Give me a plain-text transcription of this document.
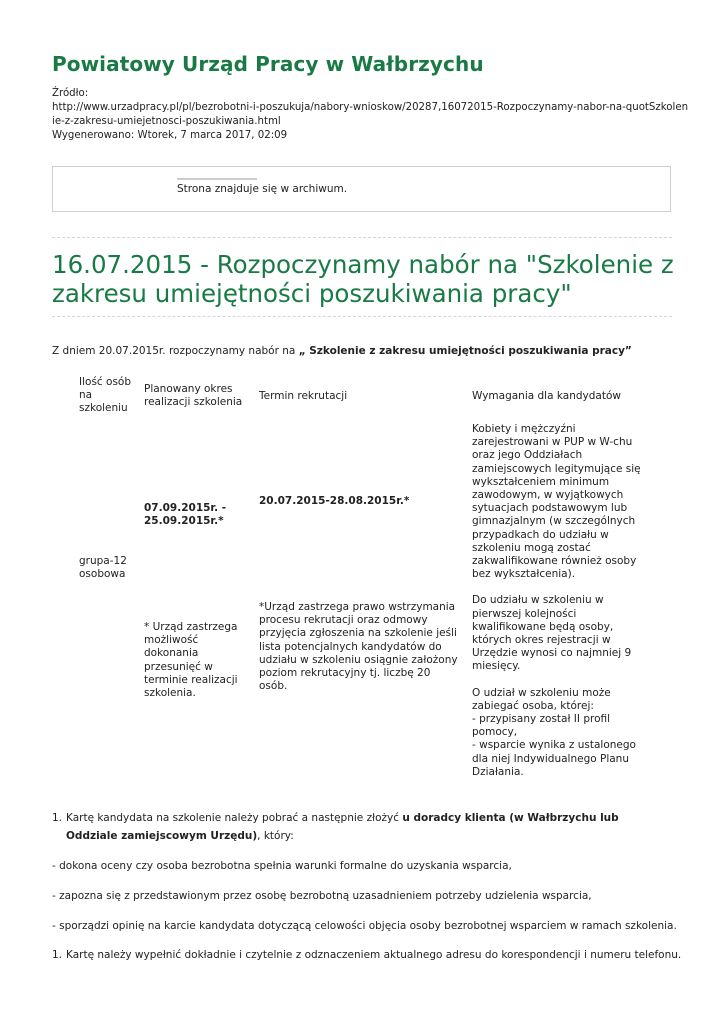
Powiatowy Urząd Pracy w Wałbrzychu
Źródło:
http://www.urzadpracy.pl/pl/bezrobotni-i-poszukuja/nabory-wnioskow/20287,16072015-Rozpoczynamy-nabor-na-quotSzkolen
ie-z-zakresu-umiejetnosci-poszukiwania.html
Wygenerowano: Wtorek, 7 marca 2017, 02:09
Strona znajduje się w archiwum.
16.07.2015 - Rozpoczynamy nabór na "Szkolenie z zakresu umiejętności poszukiwania pracy"
Z dniem 20.07.2015r. rozpoczynamy nabór na „ Szkolenie z zakresu umiejętności poszukiwania pracy”
Ilość osób na szkoleniu
Planowany okres realizacji szkolenia
Termin rekrutacji	Wymagania dla kandydatów
grupa-12 osobowa
07.09.2015r. - 25.09.2015r.*
* Urząd zastrzega możliwość dokonania przesunięć w terminie realizacji szkolenia.
20.07.2015-28.08.2015r.*
*Urząd zastrzega prawo wstrzymania procesu rekrutacji oraz odmowy przyjęcia zgłoszenia na szkolenie jeśli lista potencjalnych kandydatów do udziału w szkoleniu osiągnie założony poziom rekrutacyjny tj. liczbę 20 osób.

Kobiety i mężczyźni zarejestrowani w PUP w W-chu oraz jego Oddziałach zamiejscowych legitymujące się wykształceniem minimum zawodowym, w wyjątkowych sytuacjach podstawowym lub gimnazjalnym (w szczególnych przypadkach do udziału w szkoleniu mogą zostać zakwalifikowane również osoby bez wykształcenia).

Do udziału w szkoleniu w pierwszej kolejności kwalifikowane będą osoby, których okres rejestracji w Urzędzie wynosi co najmniej 9 miesięcy.

O udział w szkoleniu może zabiegać osoba, której:
- przypisany został II profil pomocy,
- wsparcie wynika z ustalonego dla niej Indywidualnego Planu Działania.

1. Kartę kandydata na szkolenie należy pobrać a następnie złożyć u doradcy klienta (w Wałbrzychu lub Oddziale zamiejscowym Urzędu), który:
- dokona oceny czy osoba bezrobotna spełnia warunki formalne do uzyskania wsparcia,
- zapozna się z przedstawionym przez osobę bezrobotną uzasadnieniem potrzeby udzielenia wsparcia,
- sporządzi opinię na karcie kandydata dotyczącą celowości objęcia osoby bezrobotnej wsparciem w ramach szkolenia.
1. Kartę należy wypełnić dokładnie i czytelnie z odznaczeniem aktualnego adresu do korespondencji i numeru telefonu.
